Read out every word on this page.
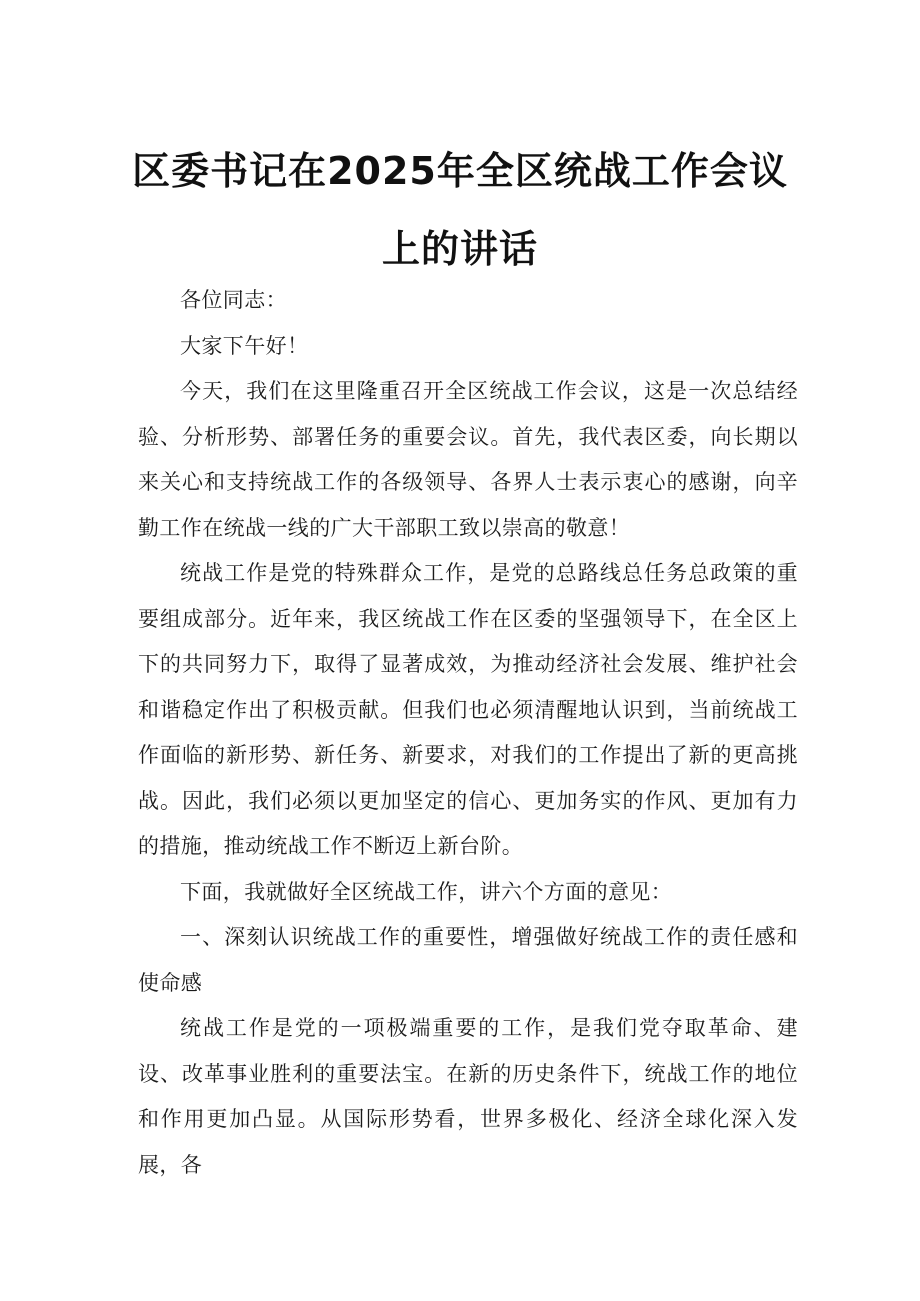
区委书记在2025年全区统战工作会议
上的讲话

各位同志：

大家下午好！

今天，我们在这里隆重召开全区统战工作会议，这是一次总结经验、分析形势、部署任务的重要会议。首先，我代表区委，向长期以来关心和支持统战工作的各级领导、各界人士表示衷心的感谢，向辛勤工作在统战一线的广大干部职工致以崇高的敬意！

统战工作是党的特殊群众工作，是党的总路线总任务总政策的重要组成部分。近年来，我区统战工作在区委的坚强领导下，在全区上下的共同努力下，取得了显著成效，为推动经济社会发展、维护社会和谐稳定作出了积极贡献。但我们也必须清醒地认识到，当前统战工作面临的新形势、新任务、新要求，对我们的工作提出了新的更高挑战。因此，我们必须以更加坚定的信心、更加务实的作风、更加有力的措施，推动统战工作不断迈上新台阶。

下面，我就做好全区统战工作，讲六个方面的意见：

一、深刻认识统战工作的重要性，增强做好统战工作的责任感和使命感

统战工作是党的一项极端重要的工作，是我们党夺取革命、建设、改革事业胜利的重要法宝。在新的历史条件下，统战工作的地位和作用更加凸显。从国际形势看，世界多极化、经济全球化深入发展，各
